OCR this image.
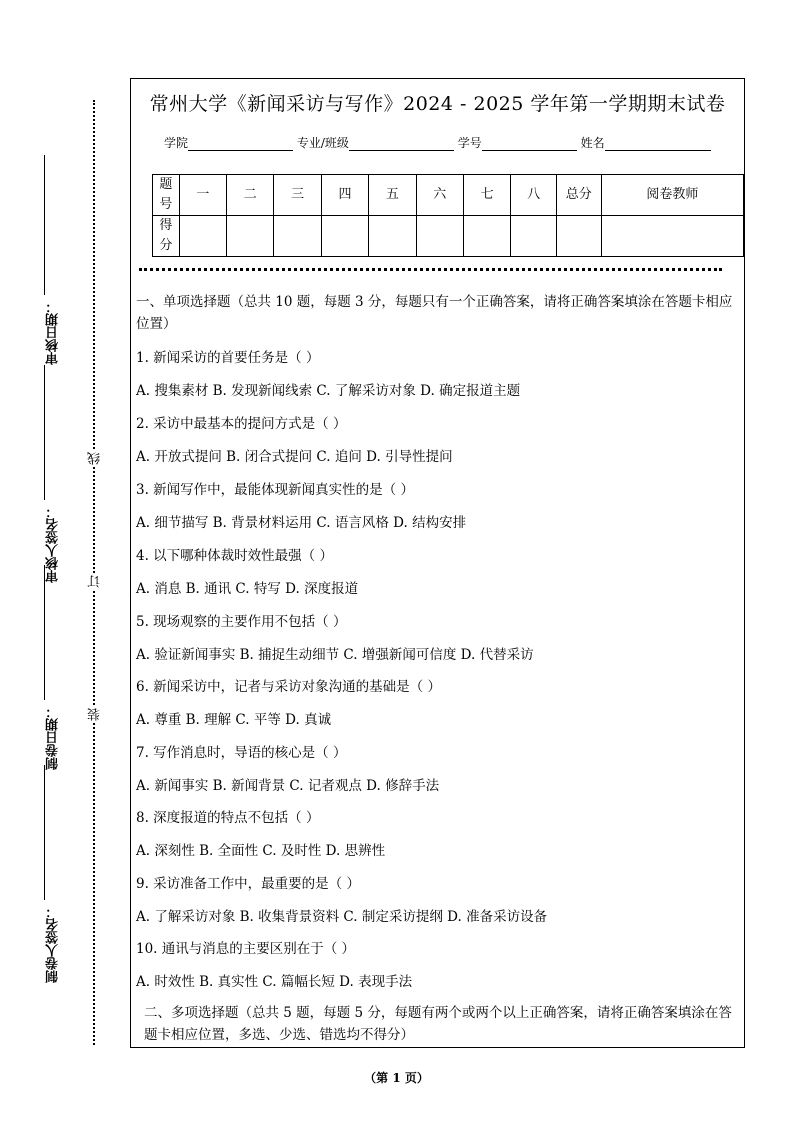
审核日期：
审核人签名：
制卷日期：
制卷人签名：
线
订
装
常州大学《新闻采访与写作》2024 - 2025 学年第一学期期末试卷
学院	专业/班级	学号	姓名
题号	一	二	三	四	五	六	七	八	总分	阅卷教师
得分										
一、单项选择题（总共 10 题，每题 3 分，每题只有一个正确答案，请将正确答案填涂在答题卡相应位置）
1. 新闻采访的首要任务是（ ）
A. 搜集素材 B. 发现新闻线索 C. 了解采访对象 D. 确定报道主题
2. 采访中最基本的提问方式是（ ）
A. 开放式提问 B. 闭合式提问 C. 追问 D. 引导性提问
3. 新闻写作中，最能体现新闻真实性的是（ ）
A. 细节描写 B. 背景材料运用 C. 语言风格 D. 结构安排
4. 以下哪种体裁时效性最强（ ）
A. 消息 B. 通讯 C. 特写 D. 深度报道
5. 现场观察的主要作用不包括（ ）
A. 验证新闻事实 B. 捕捉生动细节 C. 增强新闻可信度 D. 代替采访
6. 新闻采访中，记者与采访对象沟通的基础是（ ）
A. 尊重 B. 理解 C. 平等 D. 真诚
7. 写作消息时，导语的核心是（ ）
A. 新闻事实 B. 新闻背景 C. 记者观点 D. 修辞手法
8. 深度报道的特点不包括（ ）
A. 深刻性 B. 全面性 C. 及时性 D. 思辨性
9. 采访准备工作中，最重要的是（ ）
A. 了解采访对象 B. 收集背景资料 C. 制定采访提纲 D. 准备采访设备
10. 通讯与消息的主要区别在于（ ）
A. 时效性 B. 真实性 C. 篇幅长短 D. 表现手法
二、多项选择题（总共 5 题，每题 5 分，每题有两个或两个以上正确答案，请将正确答案填涂在答题卡相应位置，多选、少选、错选均不得分）
（第 1 页）
